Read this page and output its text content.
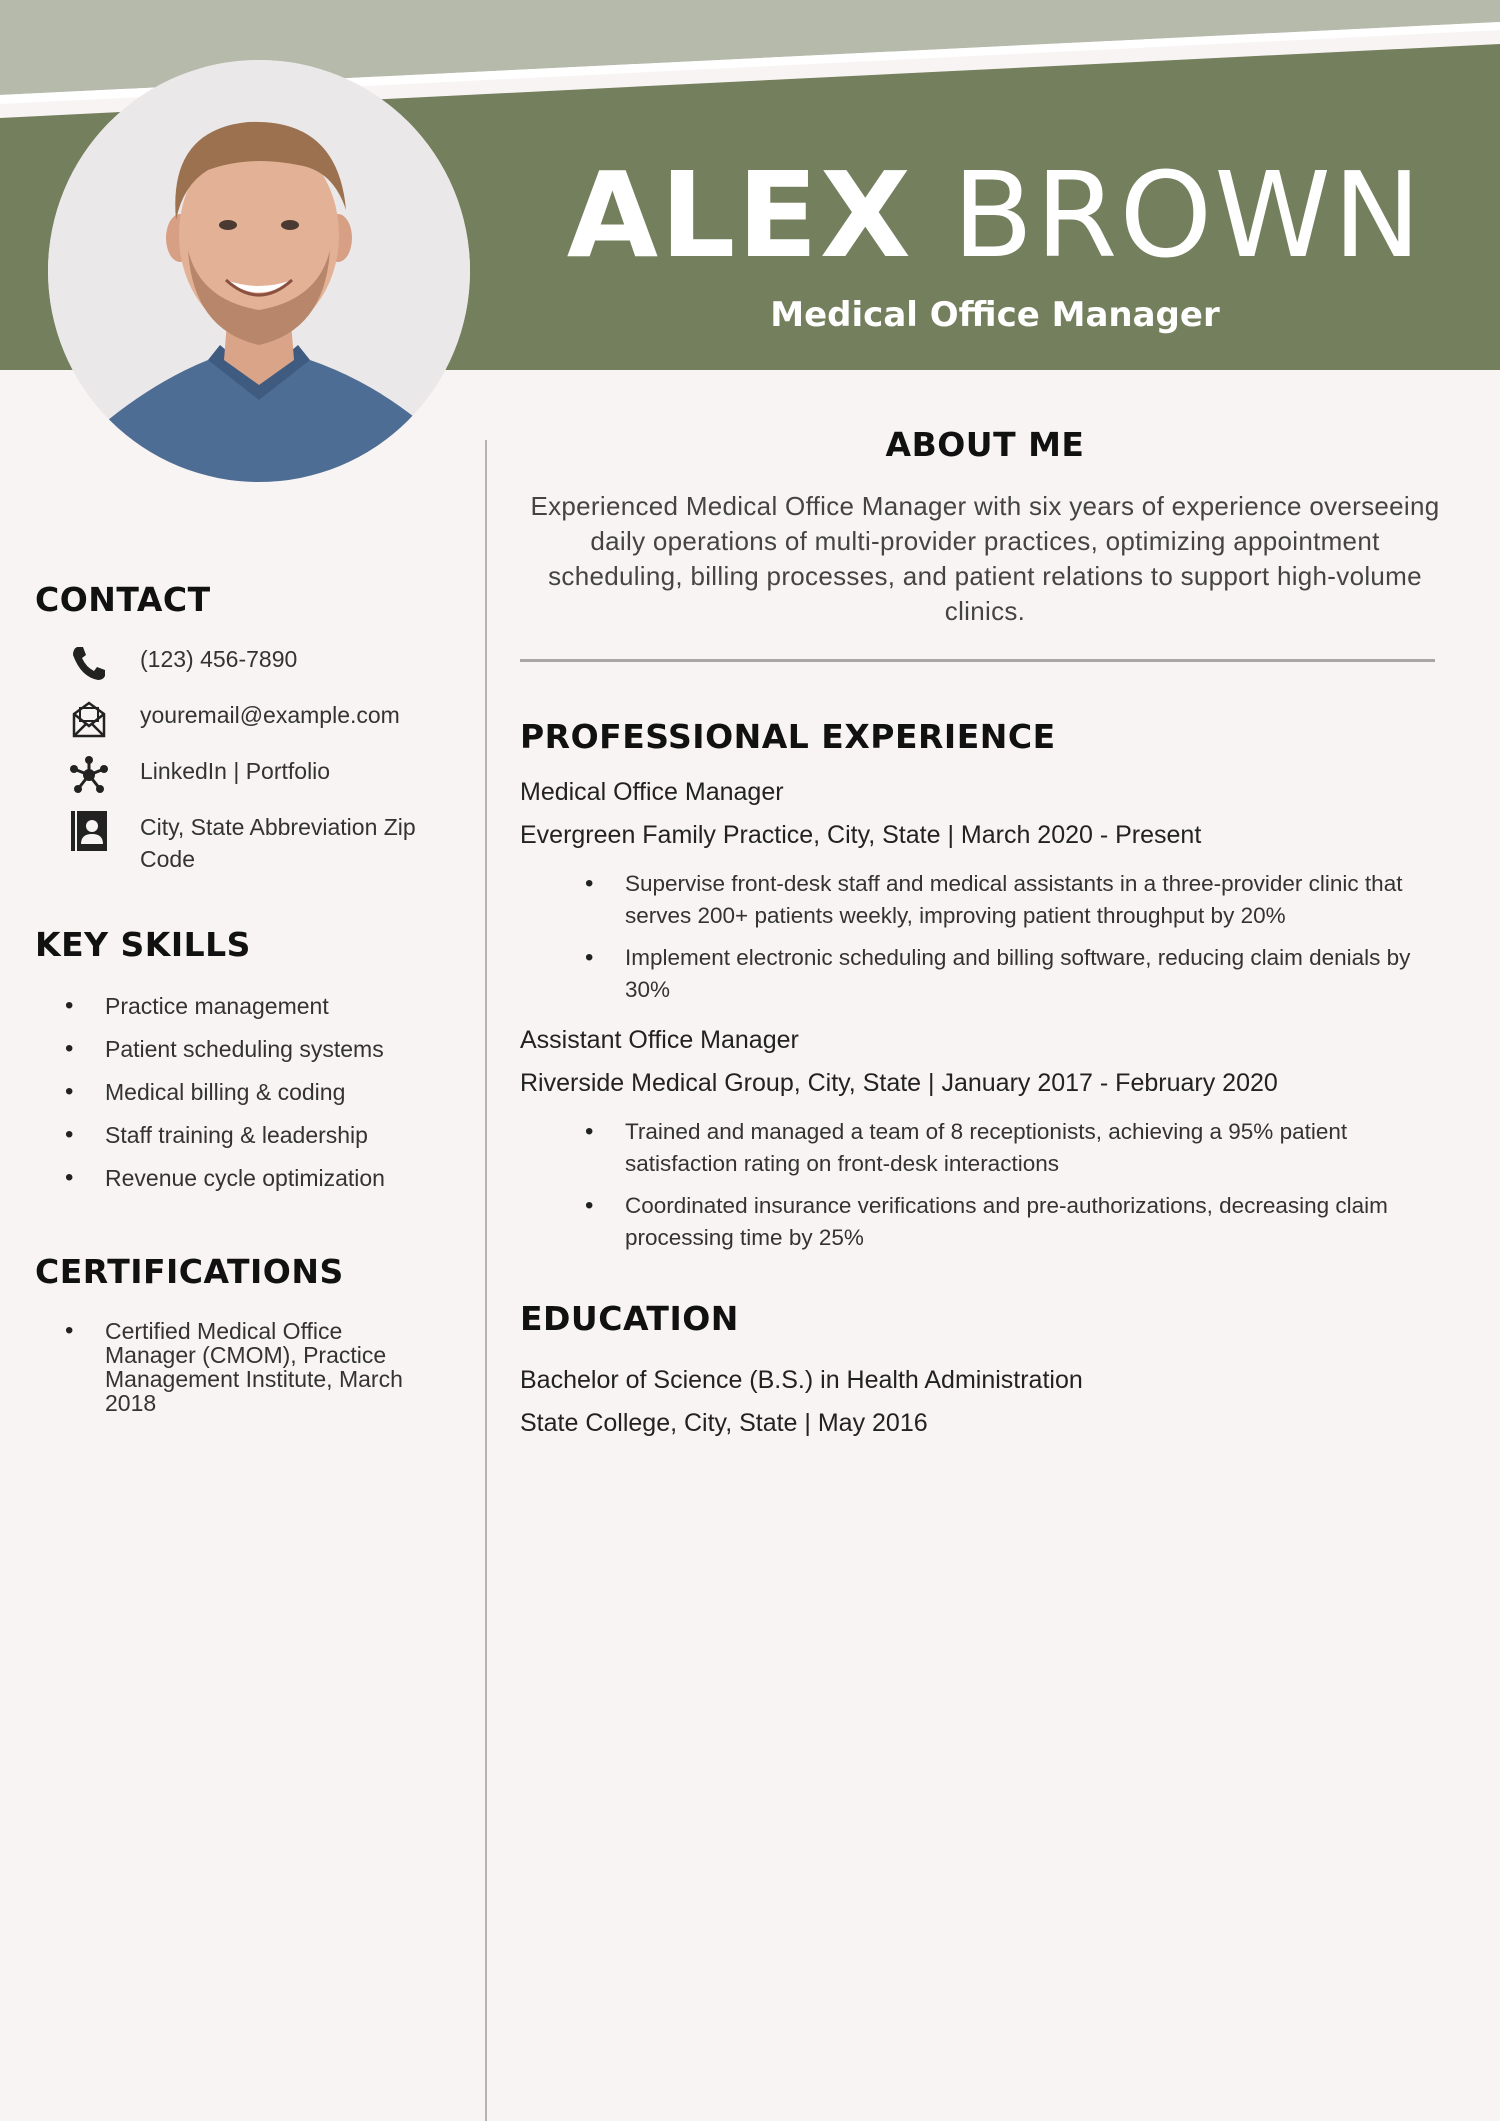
ALEX BROWN
Medical Office Manager
CONTACT
(123) 456-7890
youremail@example.com
LinkedIn | Portfolio
City, State Abbreviation Zip Code
KEY SKILLS
• Practice management
• Patient scheduling systems
• Medical billing & coding
• Staff training & leadership
• Revenue cycle optimization
CERTIFICATIONS
• Certified Medical Office Manager (CMOM), Practice Management Institute, March 2018
ABOUT ME

Experienced Medical Office Manager with six years of experience overseeing daily operations of multi-provider practices, optimizing appointment scheduling, billing processes, and patient relations to support high-volume clinics.

PROFESSIONAL EXPERIENCE
Medical Office Manager
Evergreen Family Practice, City, State | March 2020 - Present
• Supervise front-desk staff and medical assistants in a three-provider clinic that serves 200+ patients weekly, improving patient throughput by 20%
• Implement electronic scheduling and billing software, reducing claim denials by 30%
Assistant Office Manager
Riverside Medical Group, City, State | January 2017 - February 2020
• Trained and managed a team of 8 receptionists, achieving a 95% patient satisfaction rating on front-desk interactions
• Coordinated insurance verifications and pre-authorizations, decreasing claim processing time by 25%
EDUCATION
Bachelor of Science (B.S.) in Health Administration
State College, City, State | May 2016
